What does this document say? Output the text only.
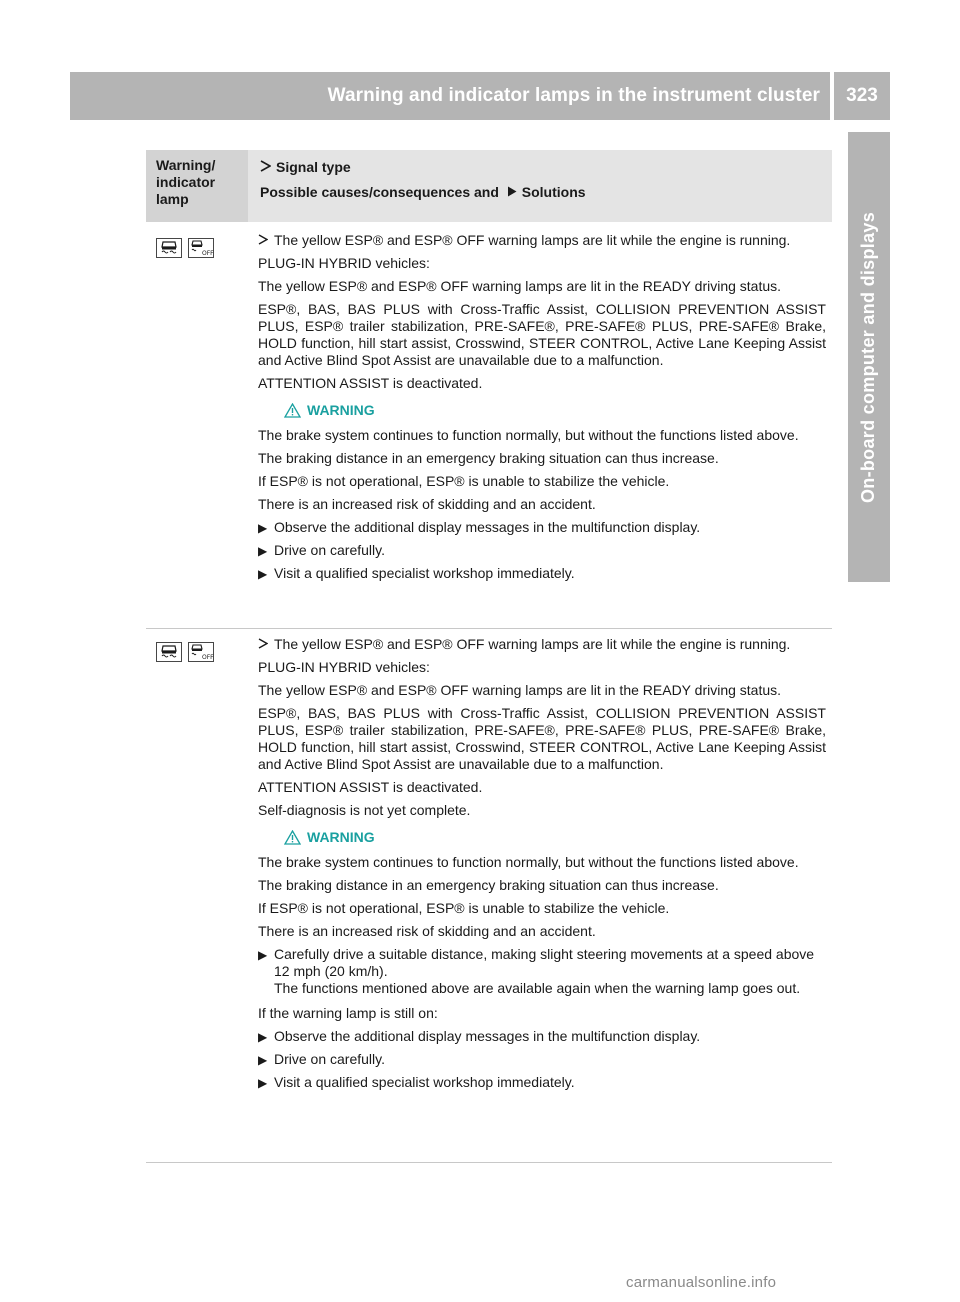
Warning and indicator lamps in the instrument cluster 323
On-board computer and displays
Warning/ indicator lamp
Signal type
Possible causes/consequences and Solutions
OFF

The yellow ESP® and ESP® OFF warning lamps are lit while the engine is running.

PLUG-IN HYBRID vehicles:

The yellow ESP® and ESP® OFF warning lamps are lit in the READY driving status.

ESP®, BAS, BAS PLUS with Cross-Traffic Assist, COLLISION PREVENTION ASSIST PLUS, ESP® trailer stabilization, PRE-SAFE®, PRE-SAFE® PLUS, PRE-SAFE® Brake, HOLD function, hill start assist, Crosswind, STEER CONTROL, Active Lane Keeping Assist and Active Blind Spot Assist are unavailable due to a malfunction.

ATTENTION ASSIST is deactivated.

WARNING

The brake system continues to function normally, but without the functions listed above.

The braking distance in an emergency braking situation can thus increase.

If ESP® is not operational, ESP® is unable to stabilize the vehicle.

There is an increased risk of skidding and an accident.

▶ Observe the additional display messages in the multifunction display.
▶ Drive on carefully.
▶ Visit a qualified specialist workshop immediately.
OFF

The yellow ESP® and ESP® OFF warning lamps are lit while the engine is running.

PLUG-IN HYBRID vehicles:

The yellow ESP® and ESP® OFF warning lamps are lit in the READY driving status.

ESP®, BAS, BAS PLUS with Cross-Traffic Assist, COLLISION PREVENTION ASSIST PLUS, ESP® trailer stabilization, PRE-SAFE®, PRE-SAFE® PLUS, PRE-SAFE® Brake, HOLD function, hill start assist, Crosswind, STEER CONTROL, Active Lane Keeping Assist and Active Blind Spot Assist are unavailable due to a malfunction.

ATTENTION ASSIST is deactivated.

Self-diagnosis is not yet complete.

WARNING

The brake system continues to function normally, but without the functions listed above.

The braking distance in an emergency braking situation can thus increase.

If ESP® is not operational, ESP® is unable to stabilize the vehicle.

There is an increased risk of skidding and an accident.

▶ Carefully drive a suitable distance, making slight steering movements at a speed above 12 mph (20 km/h).
The functions mentioned above are available again when the warning lamp goes out.

If the warning lamp is still on:

▶ Observe the additional display messages in the multifunction display.
▶ Drive on carefully.
▶ Visit a qualified specialist workshop immediately.
carmanualsonline.info
